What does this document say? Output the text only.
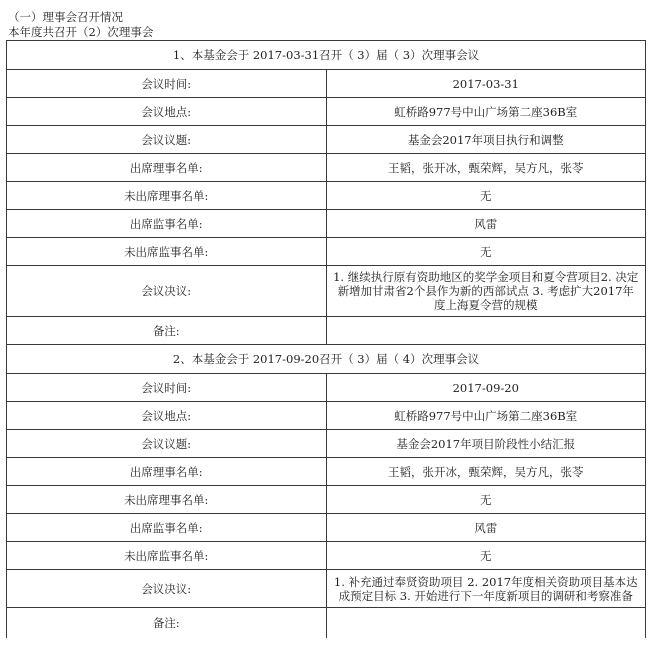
（一）理事会召开情况
本年度共召开（2）次理事会
1、本基金会于 2017-03-31召开（ 3）届（ 3）次理事会议	
会议时间:	2017-03-31
会议地点:	虹桥路977号中山广场第二座36B室
会议议题:	基金会2017年项目执行和调整
出席理事名单:	王韬，张开冰，甄荣辉，吴方凡，张苓
未出席理事名单:	无
出席监事名单:	风雷
未出席监事名单:	无
会议决议:	1. 继续执行原有资助地区的奖学金项目和夏令营项目2. 决定新增加甘肃省2个县作为新的西部试点 3. 考虑扩大2017年度上海夏令营的规模
备注:	
2、本基金会于 2017-09-20召开（ 3）届（ 4）次理事会议	
会议时间:	2017-09-20
会议地点:	虹桥路977号中山广场第二座36B室
会议议题:	基金会2017年项目阶段性小结汇报
出席理事名单:	王韬，张开冰，甄荣辉，吴方凡，张苓
未出席理事名单:	无
出席监事名单:	风雷
未出席监事名单:	无
会议决议:	1. 补充通过奉贤资助项目 2. 2017年度相关资助项目基本达成预定目标 3. 开始进行下一年度新项目的调研和考察准备
备注:	
